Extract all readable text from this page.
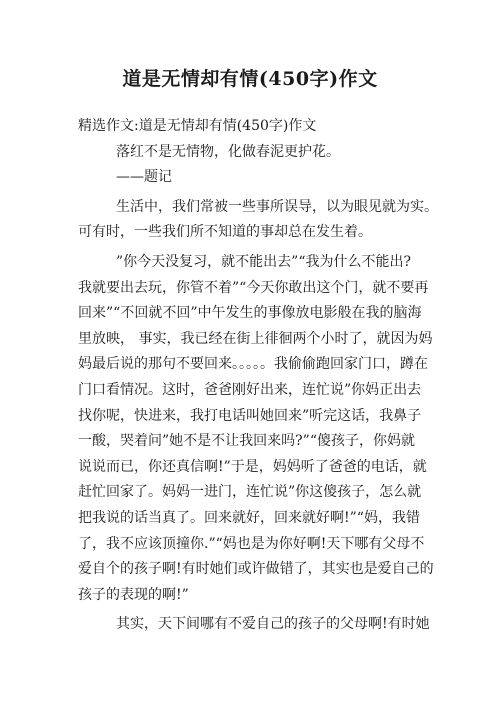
道是无情却有情(450字)作文
精选作文:道是无情却有情(450字)作文
落红不是无情物，化做春泥更护花。
——题记
生活中，我们常被一些事所误导，以为眼见就为实。
可有时，一些我们所不知道的事却总在发生着。
”你今天没复习，就不能出去”“我为什么不能出?
我就要出去玩，你管不着”“今天你敢出这个门，就不要再
回来”“不回就不回”中午发生的事像放电影般在我的脑海
里放映， 事实，我已经在街上徘徊两个小时了，就因为妈
妈最后说的那句不要回来。。。。。我偷偷跑回家门口，蹲在
门口看情况。这时，爸爸刚好出来，连忙说”你妈正出去
找你呢，快进来，我打电话叫她回来”听完这话，我鼻子
一酸，哭着问”她不是不让我回来吗?”“傻孩子，你妈就
说说而已，你还真信啊!”于是，妈妈听了爸爸的电话，就
赶忙回家了。妈妈一进门，连忙说”你这傻孩子，怎么就
把我说的话当真了。回来就好，回来就好啊!”“妈，我错
了，我不应该顶撞你.”“妈也是为你好啊!天下哪有父母不
爱自个的孩子啊!有时她们或许做错了，其实也是爱自己的
孩子的表现的啊!”
其实，天下间哪有不爱自己的孩子的父母啊!有时她
